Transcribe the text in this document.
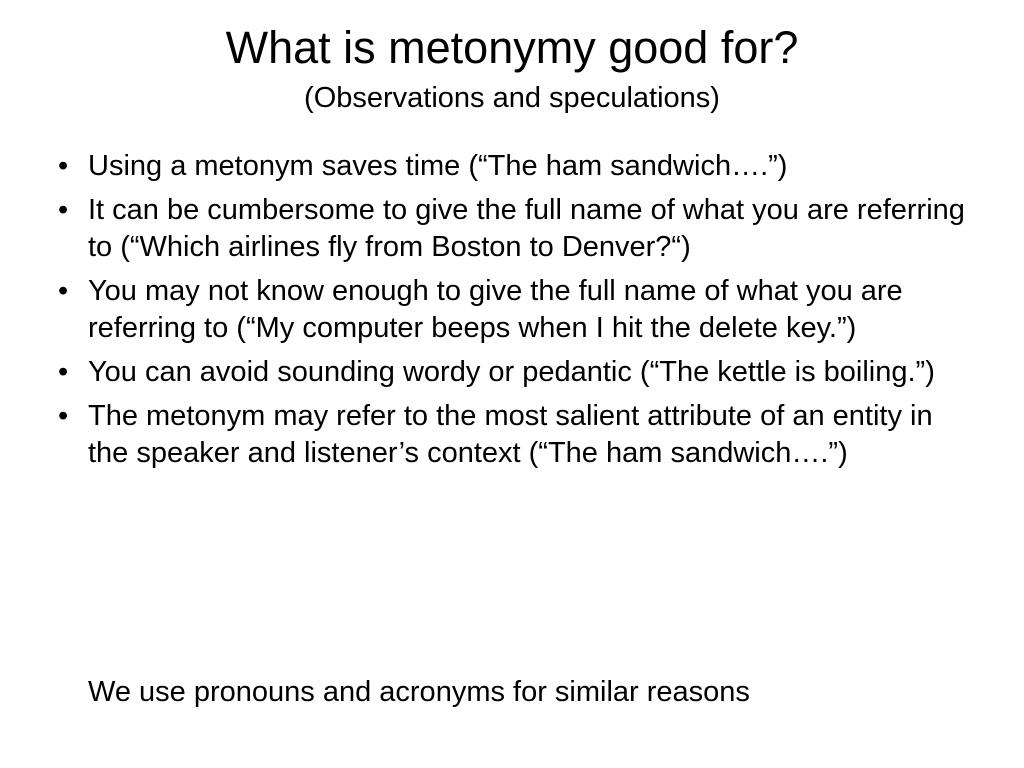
What is metonymy good for?
(Observations and speculations)
• Using a metonym saves time (“The ham sandwich….”)
• It can be cumbersome to give the full name of what you are referring to (“Which airlines fly from Boston to Denver?“)
• You may not know enough to give the full name of what you are referring to (“My computer beeps when I hit the delete key.”)
• You can avoid sounding wordy or pedantic (“The kettle is boiling.”)
• The metonym may refer to the most salient attribute of an entity in the speaker and listener’s context (“The ham sandwich….”)

We use pronouns and acronyms for similar reasons
